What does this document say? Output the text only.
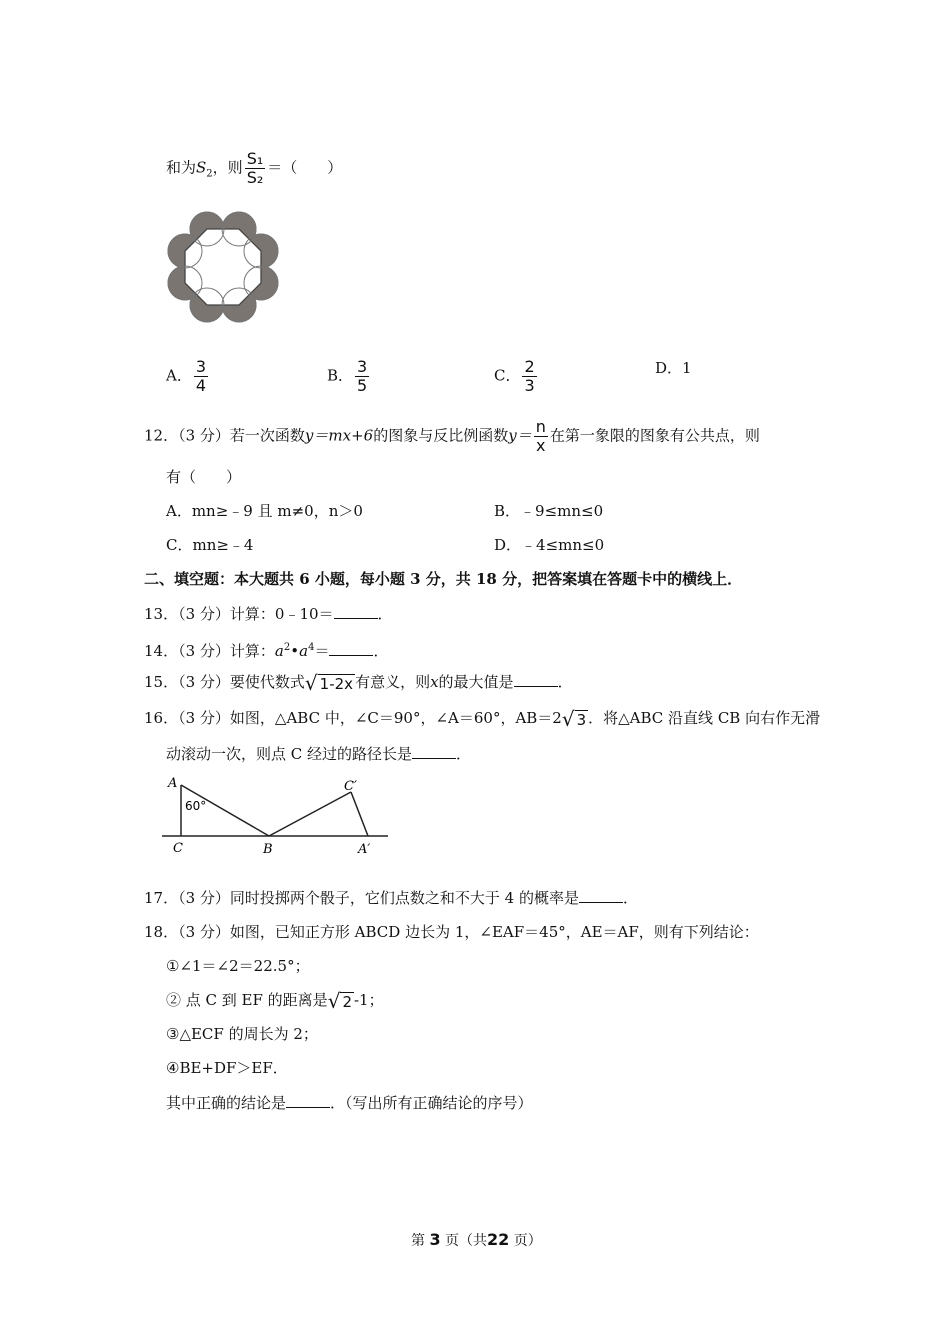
和为$S_2$，则 $\frac{\text{S₁}}{\text{S₂}}$ ＝（　　）
A． $\frac{3}{4}$	B． $\frac{3}{5}$	C． $\frac{2}{3}$	D．1
12．（3 分）若一次函数y＝mx+6的图象与反比例函数$y= \frac{n}{x}$ 在第一象限的图象有公共点，则
有（　　）
A．mn≥﹣9 且 m≠0，n＞0	B．﹣9≤mn≤0
C．mn≥﹣4	D．﹣4≤mn≤0
二、填空题：本大题共 6 小题，每小题 3 分，共 18 分，把答案填在答题卡中的横线上．
13．（3 分）计算：0﹣10＝	．
14．（3 分）计算：$a^2•a^4=$	．
15．（3 分）要使代数式 √ 1-2x 有意义，则x的最大值是	．
16．（3 分）如图，△ABC 中，∠C＝90°，∠A＝60°，AB＝2 √ 3 ．将△ABC 沿直线 CB 向右作无滑
动滚动一次，则点 C 经过的路径长是	．
A
60°
C	B
C′
A′
17．（3 分）同时投掷两个骰子，它们点数之和不大于 4 的概率是	．
18．（3 分）如图，已知正方形 ABCD 边长为 1，∠EAF＝45°，AE＝AF，则有下列结论：
①∠1＝∠2＝22.5°；
② 点 C 到 EF 的距离是 √ 2 -1；
③△ECF 的周长为 2；
④BE+DF＞EF．
其中正确的结论是	．（写出所有正确结论的序号）
第 3 页（共22 页）
